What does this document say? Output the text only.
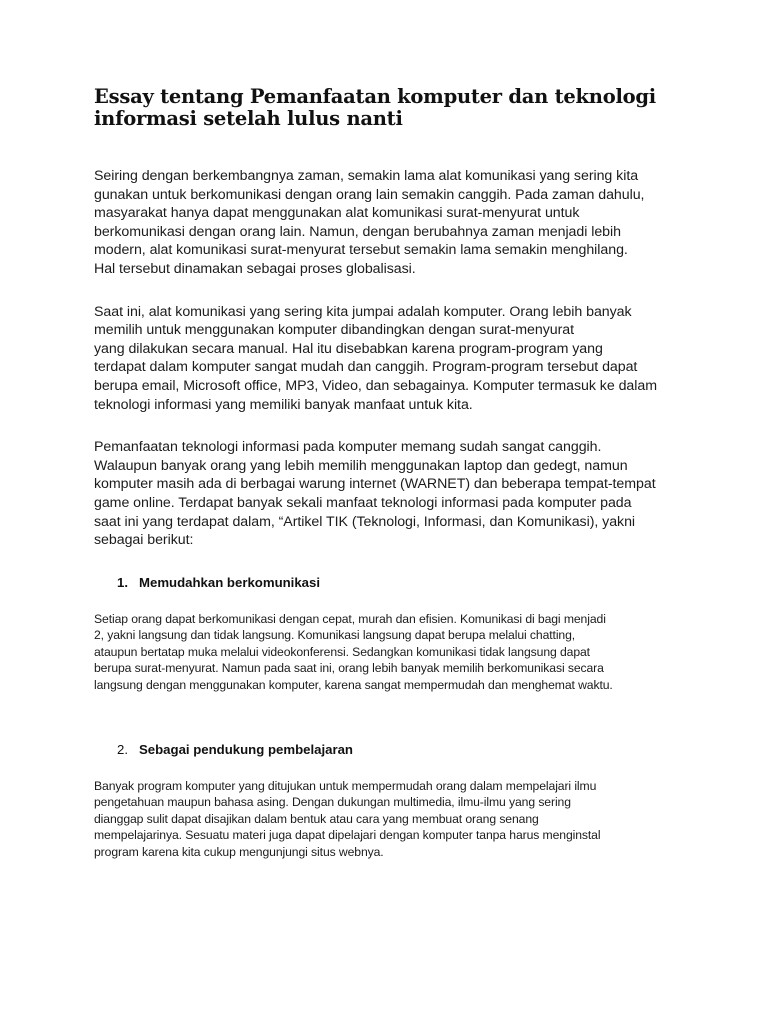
Essay tentang Pemanfaatan komputer dan teknologi
informasi setelah lulus nanti

Seiring dengan berkembangnya zaman, semakin lama alat komunikasi yang sering kita
gunakan untuk berkomunikasi dengan orang lain semakin canggih. Pada zaman dahulu,
masyarakat hanya dapat menggunakan alat komunikasi surat-menyurat untuk
berkomunikasi dengan orang lain. Namun, dengan berubahnya zaman menjadi lebih
modern, alat komunikasi surat-menyurat tersebut semakin lama semakin menghilang.
Hal tersebut dinamakan sebagai proses globalisasi.

Saat ini, alat komunikasi yang sering kita jumpai adalah komputer. Orang lebih banyak
memilih untuk menggunakan komputer dibandingkan dengan surat-menyurat
yang dilakukan secara manual. Hal itu disebabkan karena program-program yang
terdapat dalam komputer sangat mudah dan canggih. Program-program tersebut dapat
berupa email, Microsoft office, MP3, Video, dan sebagainya. Komputer termasuk ke dalam
teknologi informasi yang memiliki banyak manfaat untuk kita.

Pemanfaatan teknologi informasi pada komputer memang sudah sangat canggih.
Walaupun banyak orang yang lebih memilih menggunakan laptop dan gedegt, namun
komputer masih ada di berbagai warung internet (WARNET) dan beberapa tempat-tempat
game online. Terdapat banyak sekali manfaat teknologi informasi pada komputer pada
saat ini yang terdapat dalam, “Artikel TIK (Teknologi, Informasi, dan Komunikasi), yakni
sebagai berikut:

1. Memudahkan berkomunikasi

Setiap orang dapat berkomunikasi dengan cepat, murah dan efisien. Komunikasi di bagi menjadi
2, yakni langsung dan tidak langsung. Komunikasi langsung dapat berupa melalui chatting,
ataupun bertatap muka melalui videokonferensi. Sedangkan komunikasi tidak langsung dapat
berupa surat-menyurat. Namun pada saat ini, orang lebih banyak memilih berkomunikasi secara
langsung dengan menggunakan komputer, karena sangat mempermudah dan menghemat waktu.

2. Sebagai pendukung pembelajaran

Banyak program komputer yang ditujukan untuk mempermudah orang dalam mempelajari ilmu
pengetahuan maupun bahasa asing. Dengan dukungan multimedia, ilmu-ilmu yang sering
dianggap sulit dapat disajikan dalam bentuk atau cara yang membuat orang senang
mempelajarinya. Sesuatu materi juga dapat dipelajari dengan komputer tanpa harus menginstal
program karena kita cukup mengunjungi situs webnya.
